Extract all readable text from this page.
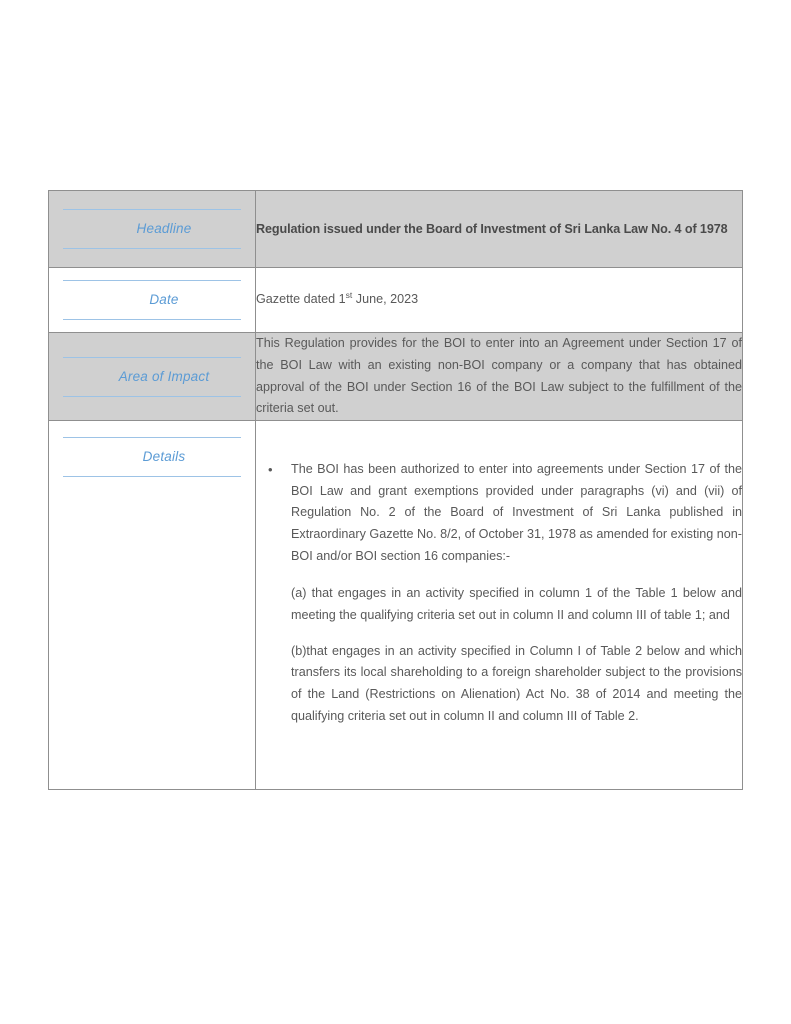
Headline	Regulation issued under the Board of Investment of Sri Lanka Law No. 4 of 1978

Date	Gazette dated 1st June, 2023

Area of Impact	This Regulation provides for the BOI to enter into an Agreement under Section 17 of the BOI Law with an existing non-BOI company or a company that has obtained approval of the BOI under Section 16 of the BOI Law subject to the fulfillment of the criteria set out.

Details

• The BOI has been authorized to enter into agreements under Section 17 of the BOI Law and grant exemptions provided under paragraphs (vi) and (vii) of Regulation No. 2 of the Board of Investment of Sri Lanka published in Extraordinary Gazette No. 8/2, of October 31, 1978 as amended for existing non-BOI and/or BOI section 16 companies:-
(a) that engages in an activity specified in column 1 of the Table 1 below and meeting the qualifying criteria set out in column II and column III of table 1; and
(b)that engages in an activity specified in Column I of Table 2 below and which transfers its local shareholding to a foreign shareholder subject to the provisions of the Land (Restrictions on Alienation) Act No. 38 of 2014 and meeting the qualifying criteria set out in column II and column III of Table 2.
